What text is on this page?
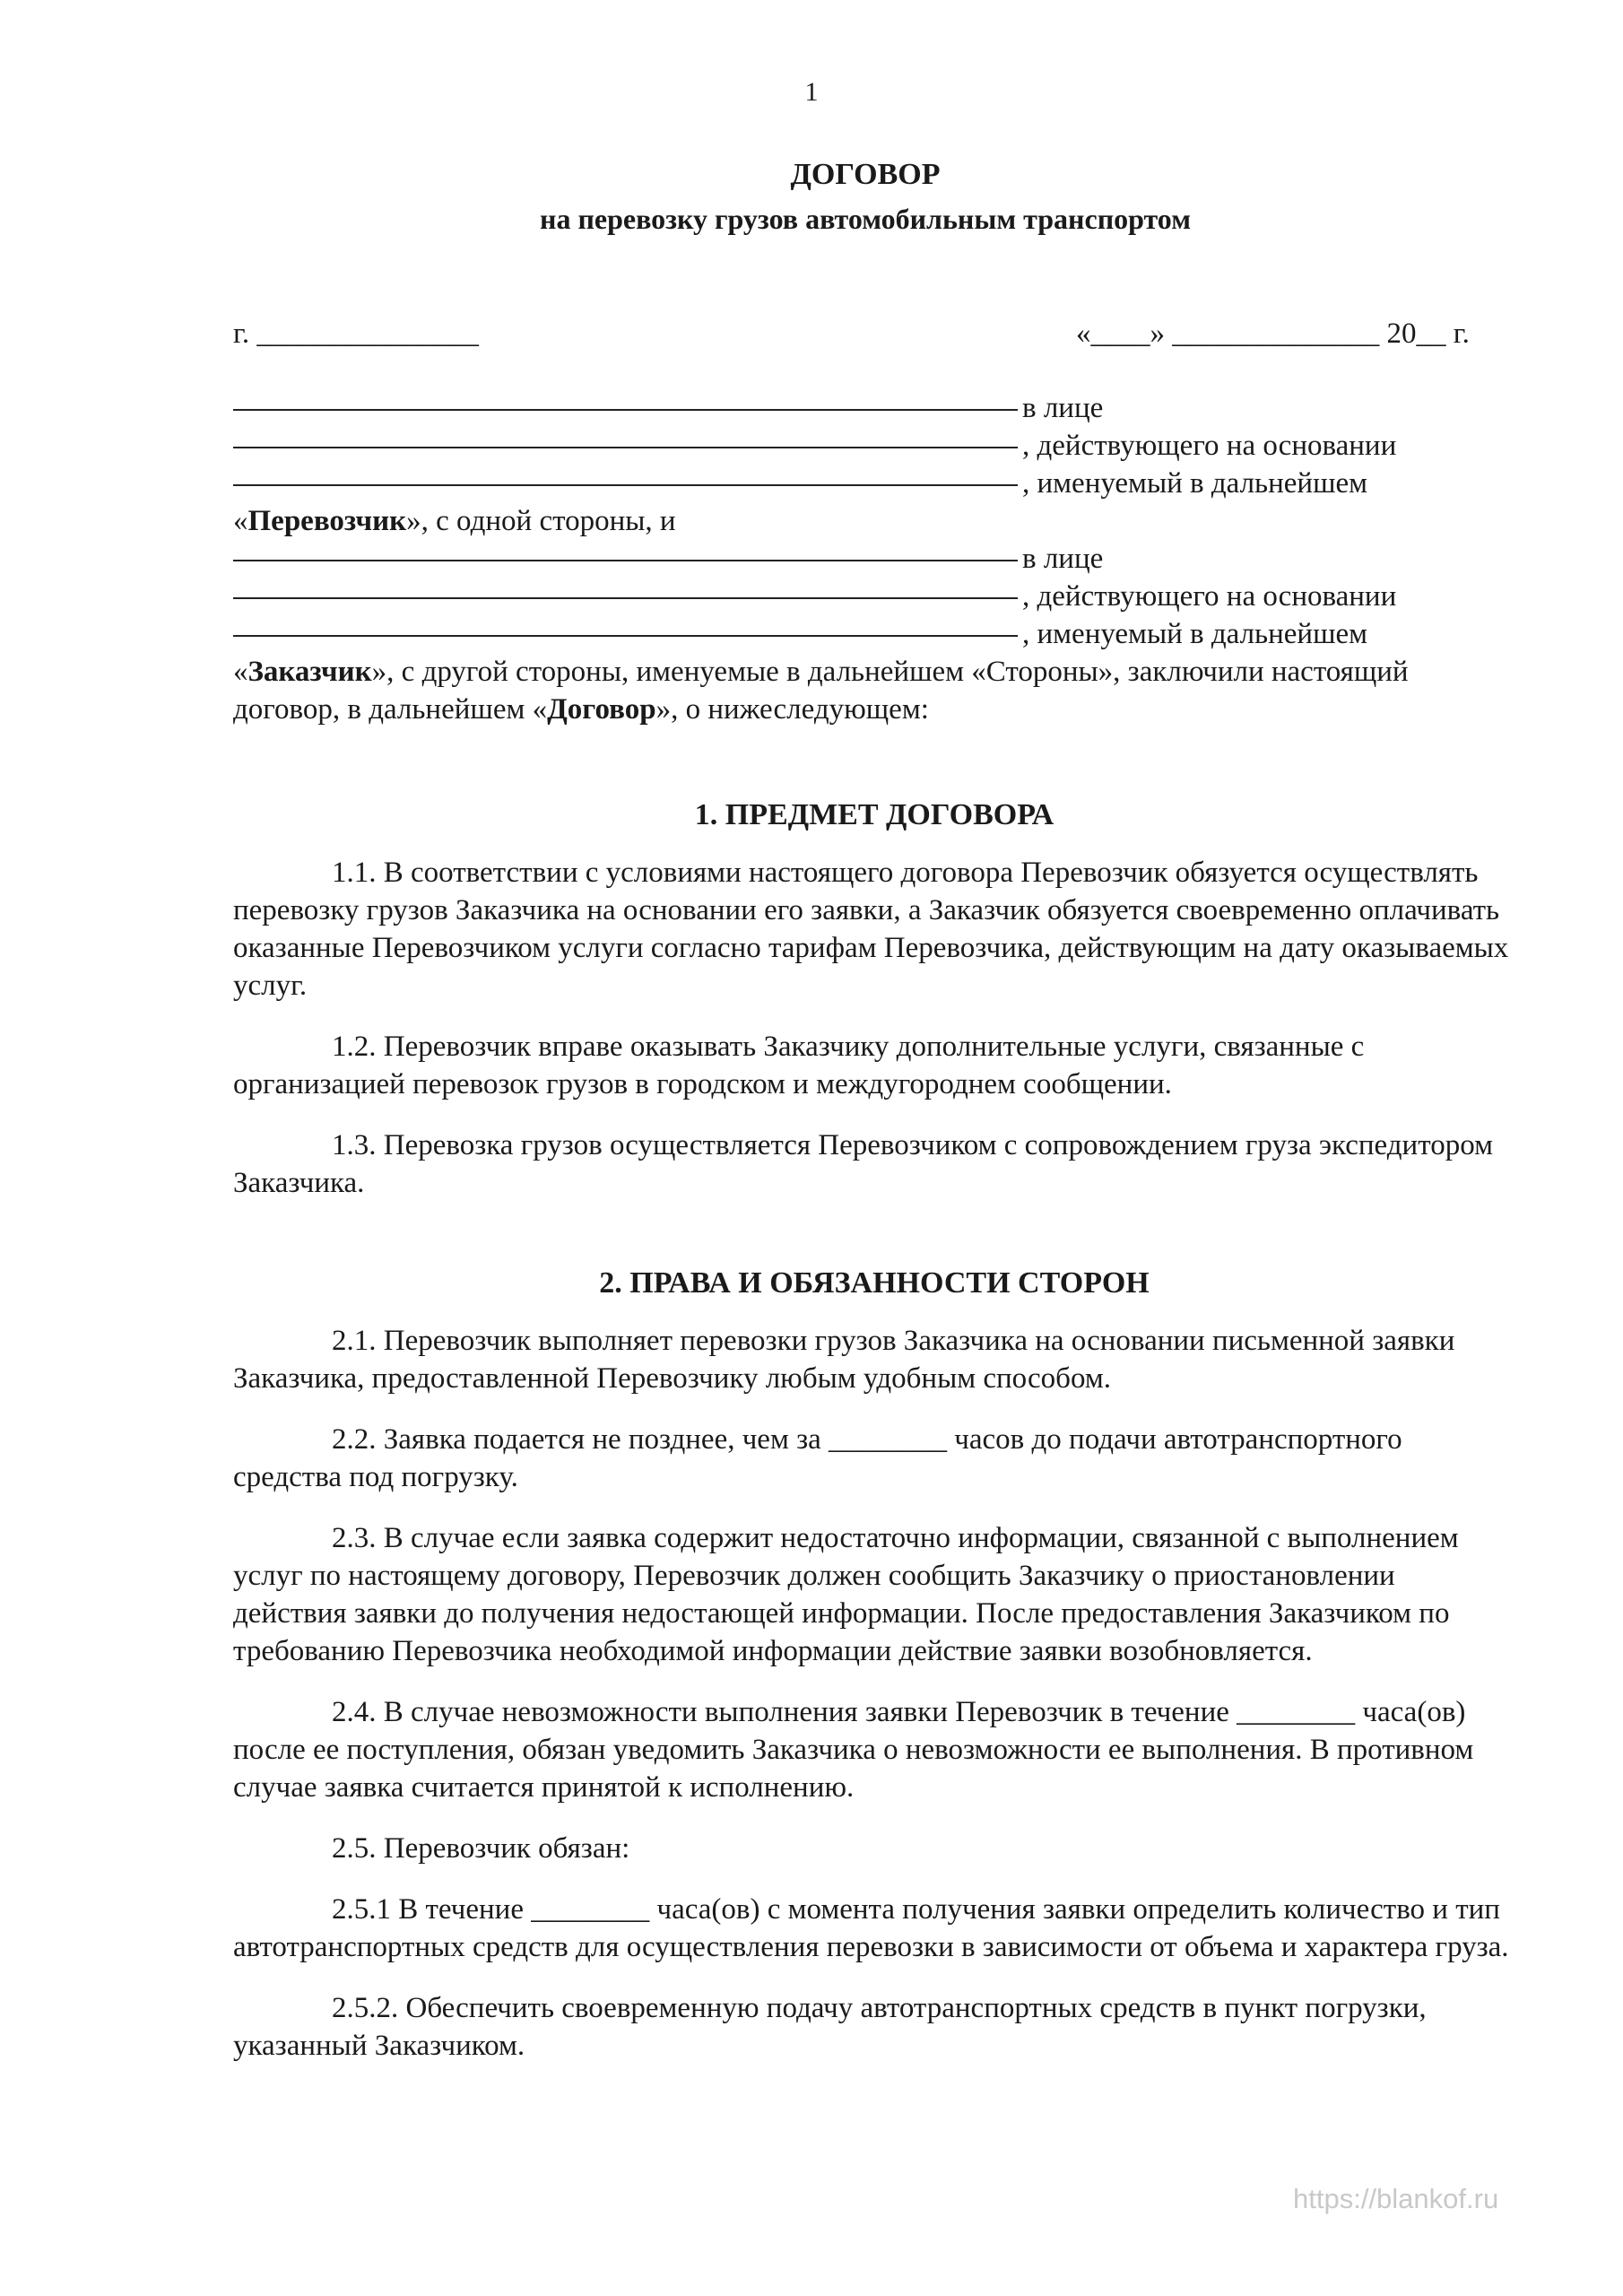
1
ДОГОВОР
на перевозку грузов автомобильным транспортом
г. _______________	«____» ______________ 20__ г.
в лице
, действующего на основании
, именуемый в дальнейшем

«Перевозчик», с одной стороны, и

в лице
, действующего на основании
, именуемый в дальнейшем

«Заказчик», с другой стороны, именуемые в дальнейшем «Стороны», заключили настоящий договор, в дальнейшем «Договор», о нижеследующем:

1. ПРЕДМЕТ ДОГОВОРА

1.1. В соответствии с условиями настоящего договора Перевозчик обязуется осуществлять перевозку грузов Заказчика на основании его заявки, а Заказчик обязуется своевременно оплачивать оказанные Перевозчиком услуги согласно тарифам Перевозчика, действующим на дату оказываемых услуг.

1.2. Перевозчик вправе оказывать Заказчику дополнительные услуги, связанные с организацией перевозок грузов в городском и междугороднем сообщении.

1.3. Перевозка грузов осуществляется Перевозчиком с сопровождением груза экспедитором Заказчика.

2. ПРАВА И ОБЯЗАННОСТИ СТОРОН

2.1. Перевозчик выполняет перевозки грузов Заказчика на основании письменной заявки Заказчика, предоставленной Перевозчику любым удобным способом.

2.2. Заявка подается не позднее, чем за ________ часов до подачи автотранспортного средства под погрузку.

2.3. В случае если заявка содержит недостаточно информации, связанной с выполнением услуг по настоящему договору, Перевозчик должен сообщить Заказчику о приостановлении действия заявки до получения недостающей информации. После предоставления Заказчиком по требованию Перевозчика необходимой информации действие заявки возобновляется.

2.4. В случае невозможности выполнения заявки Перевозчик в течение ________ часа(ов) после ее поступления, обязан уведомить Заказчика о невозможности ее выполнения. В противном случае заявка считается принятой к исполнению.

2.5. Перевозчик обязан:

2.5.1 В течение ________ часа(ов) с момента получения заявки определить количество и тип автотранспортных средств для осуществления перевозки в зависимости от объема и характера груза.

2.5.2. Обеспечить своевременную подачу автотранспортных средств в пункт погрузки, указанный Заказчиком.

https://blankof.ru
